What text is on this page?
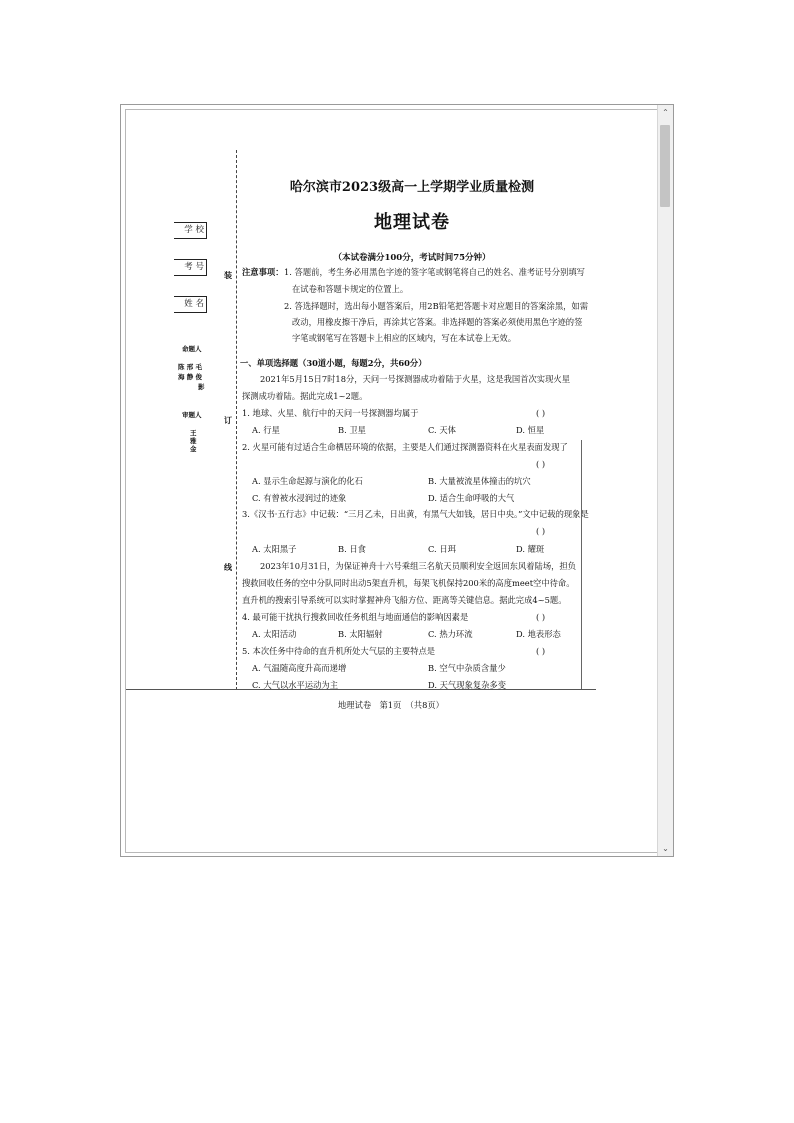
学 校
考 号
姓 名
装
订
线
命题人
陈 邢 毛
海 静 俊
影
审题人
王
雅
金
哈尔滨市2023级高一上学期学业质量检测
地理试卷
（本试卷满分100分，考试时间75分钟）
注意事项： 1. 答题前，考生务必用黑色字迹的签字笔或钢笔将自己的姓名、准考证号分别填写
在试卷和答题卡规定的位置上。
2. 答选择题时，选出每小题答案后，用2B铅笔把答题卡对应题目的答案涂黑，如需
改动，用橡皮擦干净后，再涂其它答案。非选择题的答案必须使用黑色字迹的签
字笔或钢笔写在答题卡上相应的区域内，写在本试卷上无效。
一、单项选择题（30道小题，每题2分，共60分）
2021年5月15日7时18分，天问一号探测器成功着陆于火星，这是我国首次实现火星
探测成功着陆。据此完成1~2题。
1. 地球、火星、航行中的天问一号探测器均属于	( )
A. 行星	B. 卫星	C. 天体	D. 恒星
2. 火星可能有过适合生命栖居环境的依据，主要是人们通过探测器资料在火星表面发现了
( )
A. 显示生命起源与演化的化石	B. 大量被流星体撞击的坑穴
C. 有曾被水浸润过的迹象	D. 适合生命呼吸的大气
3.《汉书·五行志》中记载：“三月乙未，日出黄，有黑气大如钱，居日中央。”文中记载的现象是
( )
A. 太阳黑子	B. 日食	C. 日珥	D. 耀斑
2023年10月31日，为保证神舟十六号乘组三名航天员顺利安全返回东风着陆场，担负
搜救回收任务的空中分队同时出动5架直升机，每架飞机保持200米的高度meet空中待命。
直升机的搜索引导系统可以实时掌握神舟飞船方位、距离等关键信息。据此完成4~5题。
4. 最可能干扰执行搜救回收任务机组与地面通信的影响因素是	( )
A. 太阳活动	B. 太阳辐射	C. 热力环流	D. 地表形态
5. 本次任务中待命的直升机所处大气层的主要特点是	( )
A. 气温随高度升高而递增	B. 空气中杂质含量少
C. 大气以水平运动为主	D. 天气现象复杂多变
地理试卷　第1页　（共8页）
⌃
⌄
